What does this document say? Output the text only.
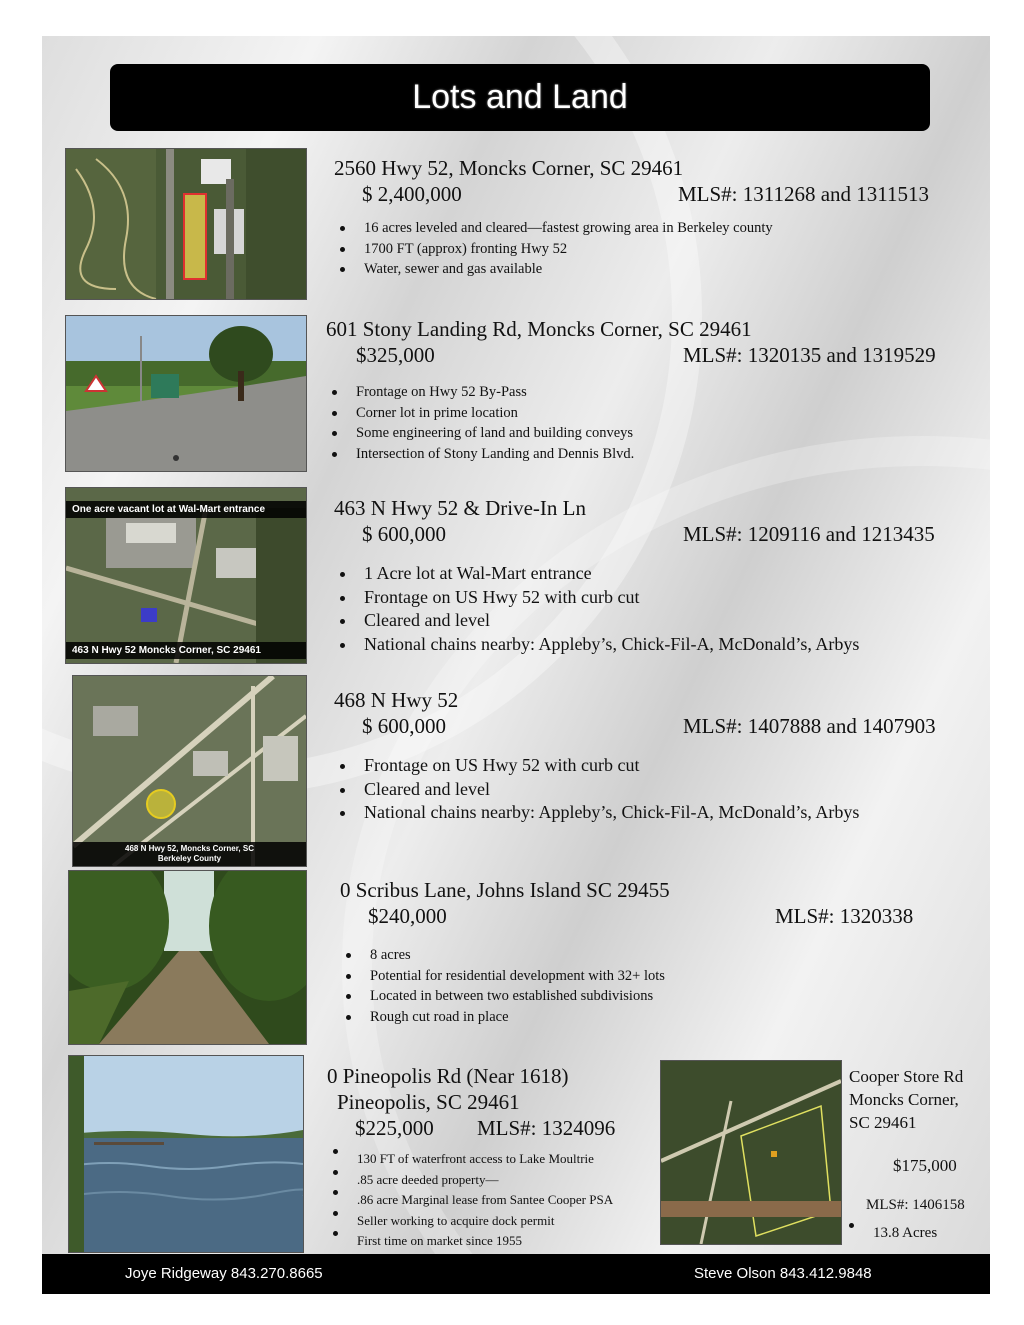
Lots and Land
2560 Hwy 52, Moncks Corner, SC 29461
$ 2,400,000	MLS#: 1311268 and 1311513
16 acres leveled and cleared—fastest growing area in Berkeley county
1700 FT (approx) fronting Hwy 52
Water, sewer and gas available
601 Stony Landing Rd, Moncks Corner, SC 29461
$325,000	MLS#: 1320135 and 1319529
Frontage on Hwy 52 By-Pass
Corner lot in prime location
Some engineering of land and building conveys
Intersection of Stony Landing and Dennis Blvd.
One acre vacant lot at Wal-Mart entrance
463 N Hwy 52 Moncks Corner, SC 29461
463 N Hwy 52 & Drive-In Ln
$ 600,000	MLS#: 1209116 and 1213435
1 Acre lot at Wal-Mart entrance
Frontage on US Hwy 52 with curb cut
Cleared and level
National chains nearby: Appleby’s, Chick-Fil-A, McDonald’s, Arbys
468 N Hwy 52, Moncks Corner, SC
Berkeley County
468 N Hwy 52
$ 600,000	MLS#: 1407888 and 1407903
Frontage on US Hwy 52 with curb cut
Cleared and level
National chains nearby: Appleby’s, Chick-Fil-A, McDonald’s, Arbys
0 Scribus Lane, Johns Island SC 29455
$240,000	MLS#: 1320338
8 acres
Potential for residential development with 32+ lots
Located in between two established subdivisions
Rough cut road in place
0 Pineopolis Rd (Near 1618)
Pineopolis, SC 29461
$225,000 MLS#: 1324096
130 FT of waterfront access to Lake Moultrie
.85 acre deeded property—
.86 acre Marginal lease from Santee Cooper PSA
Seller working to acquire dock permit
First time on market since 1955
Cooper Store Rd
Moncks Corner,
SC 29461
$175,000
MLS#: 1406158
13.8 Acres
Joye Ridgeway 843.270.8665	Steve Olson 843.412.9848
